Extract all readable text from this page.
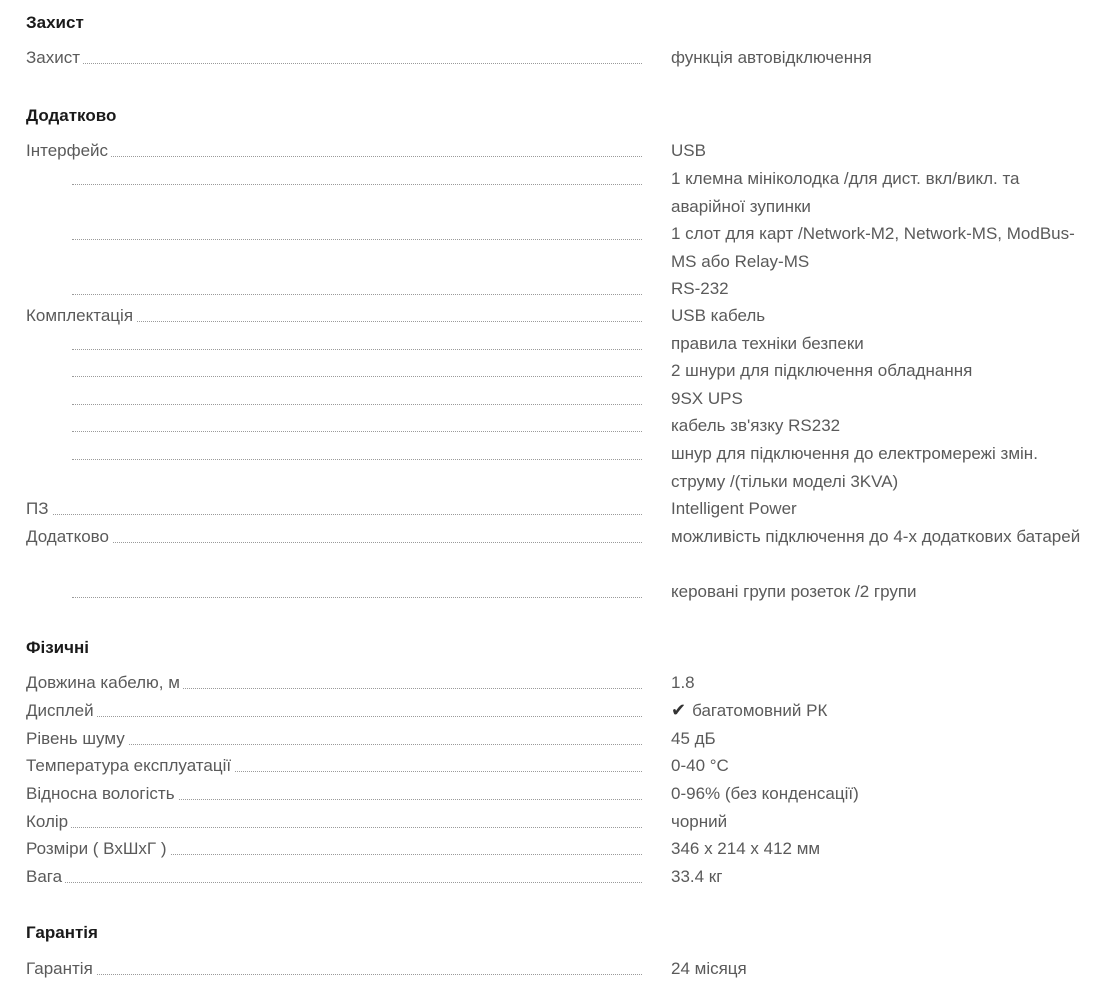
Захист
Захист	функція автовідключення
Додатково
Інтерфейс	USB
1 клемна мініколодка /для дист. вкл/викл. та аварійної зупинки
1 слот для карт /Network-M2, Network-MS, ModBus-MS або Relay-MS
RS-232
Комплектація	USB кабель
правила техніки безпеки
2 шнури для підключення обладнання
9SX UPS
кабель зв'язку RS232
шнур для підключення до електромережі змін. струму /(тільки моделі 3KVA)
ПЗ	Intelligent Power
Додатково	можливість підключення до 4-х додаткових батарей
керовані групи розеток /2 групи
Фізичні
Довжина кабелю, м	1.8
Дисплей	✔ багатомовний РК
Рівень шуму	45 дБ
Температура експлуатації	0-40 °C
Відносна вологість	0-96% (без конденсації)
Колір	чорний
Розміри ( ВхШхГ )	346 x 214 x 412 мм
Вага	33.4 кг
Гарантія
Гарантія	24 місяця
